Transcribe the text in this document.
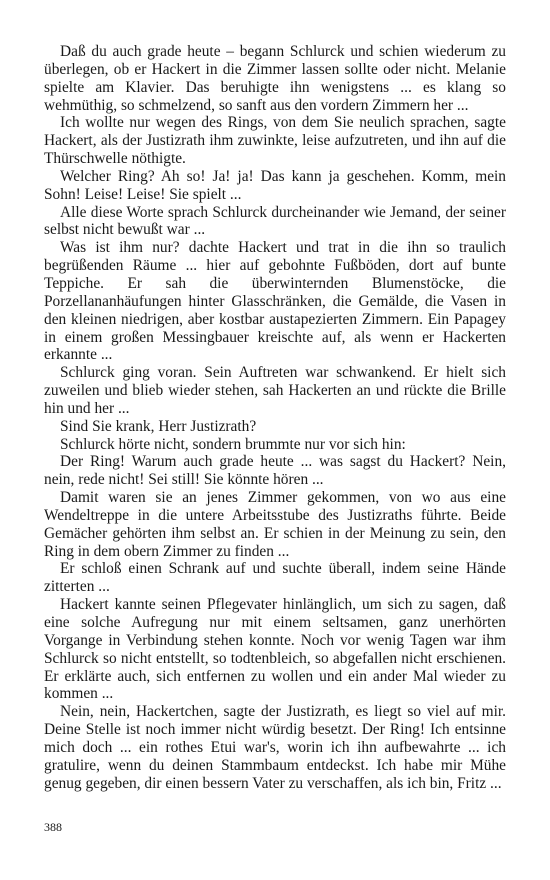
Daß du auch grade heute – begann Schlurck und schien wiederum zu überlegen, ob er Hackert in die Zimmer lassen sollte oder nicht. Melanie spielte am Klavier. Das beruhigte ihn wenigstens ... es klang so wehmüthig, so schmelzend, so sanft aus den vordern Zimmern her ...

Ich wollte nur wegen des Rings, von dem Sie neulich sprachen, sagte Hackert, als der Justizrath ihm zuwinkte, leise aufzutreten, und ihn auf die Thürschwelle nöthigte.

Welcher Ring? Ah so! Ja! ja! Das kann ja geschehen. Komm, mein Sohn! Leise! Leise! Sie spielt ...

Alle diese Worte sprach Schlurck durcheinander wie Jemand, der seiner selbst nicht bewußt war ...

Was ist ihm nur? dachte Hackert und trat in die ihn so traulich begrüßenden Räume ... hier auf gebohnte Fußböden, dort auf bunte Teppiche. Er sah die überwinternden Blumenstöcke, die Porzellananhäufungen hinter Glasschränken, die Gemälde, die Vasen in den kleinen niedrigen, aber kostbar austapezierten Zimmern. Ein Papagey in einem großen Messingbauer kreischte auf, als wenn er Hackerten erkannte ...

Schlurck ging voran. Sein Auftreten war schwankend. Er hielt sich zuweilen und blieb wieder stehen, sah Hackerten an und rückte die Brille hin und her ...

Sind Sie krank, Herr Justizrath?

Schlurck hörte nicht, sondern brummte nur vor sich hin:

Der Ring! Warum auch grade heute ... was sagst du Hackert? Nein, nein, rede nicht! Sei still! Sie könnte hören ...

Damit waren sie an jenes Zimmer gekommen, von wo aus eine Wendeltreppe in die untere Arbeitsstube des Justizraths führte. Beide Gemächer gehörten ihm selbst an. Er schien in der Meinung zu sein, den Ring in dem obern Zimmer zu finden ...

Er schloß einen Schrank auf und suchte überall, indem seine Hände zitterten ...

Hackert kannte seinen Pflegevater hinlänglich, um sich zu sagen, daß eine solche Aufregung nur mit einem seltsamen, ganz unerhörten Vorgange in Verbindung stehen konnte. Noch vor wenig Tagen war ihm Schlurck so nicht entstellt, so todtenbleich, so abgefallen nicht erschienen. Er erklärte auch, sich entfernen zu wollen und ein ander Mal wieder zu kommen ...

Nein, nein, Hackertchen, sagte der Justizrath, es liegt so viel auf mir. Deine Stelle ist noch immer nicht würdig besetzt. Der Ring! Ich entsinne mich doch ... ein rothes Etui war's, worin ich ihn aufbewahrte ... ich gratulire, wenn du deinen Stammbaum entdeckst. Ich habe mir Mühe genug gegeben, dir einen bessern Vater zu verschaffen, als ich bin, Fritz ...

388
